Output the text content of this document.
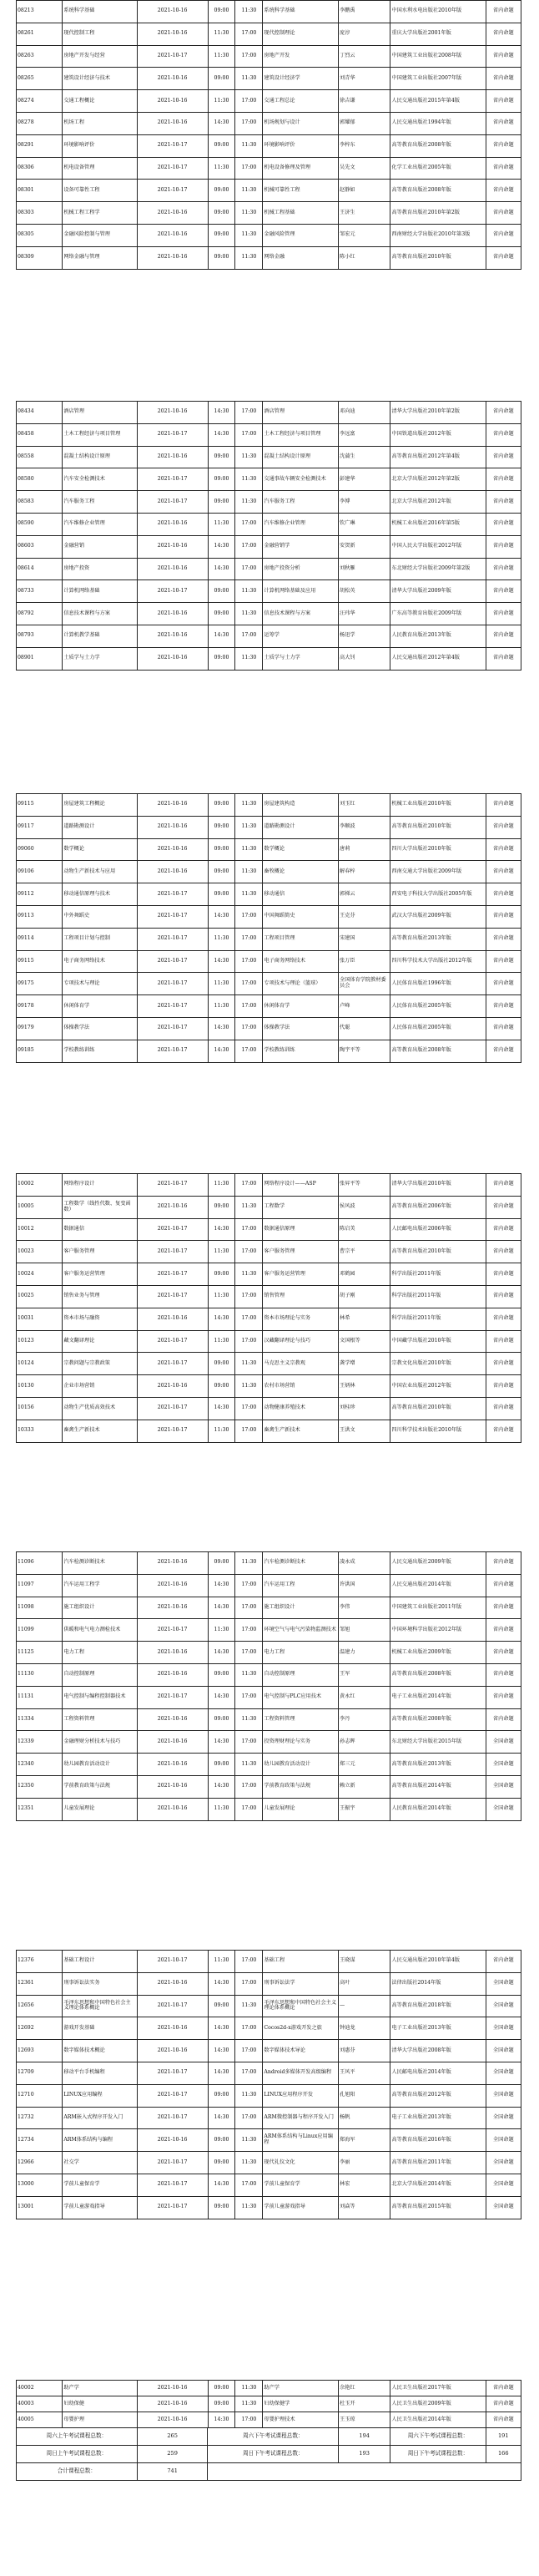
08213	系统科学基础	2021-10-16	09:00	11:30	系统科学基础	李鹏禹	中国水利水电出版社2010年版	省内命题
08261	现代控制工程	2021-10-16	11:30	17:00	现代控制理论	庞淳	重庆大学出版社2001年版	省内命题
08263	房地产开发与经营	2021-10-17	11:30	17:00	房地产开发	丁烈云	中国建筑工业出版社2008年版	省内命题
08265	建筑设计经济与技术	2021-10-16	09:00	11:30	建筑设计经济学	刘青华	中国建筑工业出版社2007年版	省内命题
08274	交通工程概论	2021-10-16	11:30	17:00	交通工程总论	徐吉谦	人民交通出版社2015年第4版	省内命题
08278	机场工程	2021-10-16	14:30	17:00	机场规划与设计	郭耀郁	人民交通出版社1994年版	省内命题
08291	环境影响评价	2021-10-17	09:00	11:30	环境影响评价	李梓东	高等教育出版社2008年版	省内命题
08306	机电设备管理	2021-10-17	11:30	17:00	机电设备修理及管理	吴先文	化学工业出版社2005年版	省内命题
08301	设备可靠性工程	2021-10-17	09:00	11:30	机械可靠性工程	赵静如	高等教育出版社2008年版	省内命题
08303	机械工程工程学	2021-10-16	09:00	11:30	机械工程基础	王济生	高等教育出版社2010年第2版	省内命题
08305	金融风险控制与管理	2021-10-16	09:00	11:30	金融风险管理	邹宏元	西南财经大学出版社2010年第3版	省内命题
08309	网络金融与管理	2021-10-16	09:00	11:30	网络金融	陈小红	高等教育出版社2010年版	省内命题
08434	酒店管理	2021-10-16	14:30	17:00	酒店管理	邓向迪	清华大学出版社2010年第2版	省内命题
08458	土木工程经济与项目管理	2021-10-17	14:30	17:00	土木工程经济与项目管理	李远富	中国铁道出版社2012年版	省内命题
08558	混凝土结构设计原理	2021-10-16	09:00	11:30	混凝土结构设计原理	沈蒲生	高等教育出版社2012年第4版	省内命题
08580	汽车安全检测技术	2021-10-17	09:00	11:30	交通事故车辆安全检测技术	彭建华	北京大学出版社2012年第2版	省内命题
08583	汽车服务工程	2021-10-17	09:00	11:30	汽车服务工程	李博	北京大学出版社2012年版	省内命题
08590	汽车维修企业管理	2021-10-16	11:30	17:00	汽车维修企业管理	钦广琳	机械工业出版社2016年第5版	省内命题
08603	金融营销	2021-10-16	14:30	17:00	金融营销学	安贺新	中国人民大学出版社2012年版	省内命题
08614	房地产投资	2021-10-16	14:30	17:00	房地产投资分析	刘秋雁	东北财经大学出版社2009年第2版	省内命题
08733	计算机网络基础	2021-10-17	09:00	11:30	计算机网络基础及应用	胡松英	清华大学出版社2009年版	省内命题
08792	信息技术课程与方案	2021-10-16	09:00	11:30	信息技术课程与方案	汪玮华	广东高等教育出版社2009年版	省内命题
08793	计算机教学基础	2021-10-16	14:30	17:00	运筹学	杨迅学	人民教育出版社2013年版	省内命题
08901	土质学与土力学	2021-10-16	09:00	11:30	土质学与土力学	高大钊	人民交通出版社2012年第4版	省内命题
09115	房屋建筑工程概论	2021-10-16	09:00	11:30	房屋建筑构造	刘玉红	机械工业出版社2010年版	省内命题
09117	道路勘测设计	2021-10-16	09:00	11:30	道路勘测设计	李顺波	高等教育出版社2010年版	省内命题
09060	数学概论	2021-10-16	09:00	11:30	数学概论	唐莉	四川大学出版社2010年版	省内命题
09106	动物生产新技术与应用	2021-10-16	09:00	11:30	畜牧概论	解春梓	西南交通大学出版社2009年版	省内命题
09112	移动通信原理与技术	2021-10-17	09:00	11:30	移动通信	郭梯云	西安电子科技大学出版社2005年版	省内命题
09113	中外舞蹈史	2021-10-17	14:30	17:00	中国舞蹈简史	王克芬	武汉大学出版社2009年版	省内命题
09114	工程项目计划与控制	2021-10-17	11:30	17:00	工程项目管理	宋建国	高等教育出版社2013年版	省内命题
09115	电子商务网络技术	2021-10-17	14:30	17:00	电子商务网络技术	张万臣	四川科学技术大学出版社2012年版	省内命题
09175	专项技术与理论	2021-10-17	11:30	17:00	专项技术与理论（篮球）	全国体育学院教材委员会	人民体育出版社1996年版	省内命题
09178	休闲体育学	2021-10-17	11:30	17:00	休闲体育学	卢峰	人民体育出版社2005年版	省内命题
09179	体操教学法	2021-10-17	14:30	17:00	体操教学法	代聪	人民体育出版社2005年版	省内命题
09185	学校教练训练	2021-10-17	14:30	17:00	学校教练训练	陶宇平等	高等教育出版社2008年版	省内命题
10002	网络程序设计	2021-10-17	11:30	17:00	网络程序设计——ASP	张昇平等	清华大学出版社2010年版	省内命题
10005	工程数学（线性代数、复变函数）	2021-10-16	09:00	11:30	工程数学	侯风波	高等教育出版社2006年版	省内命题
10012	数据通信	2021-10-17	14:30	17:00	数据通信原理	陈启美	人民邮电出版社2006年版	省内命题
10023	客户服务管理	2021-10-17	11:30	17:00	客户服务管理	曹宗平	高等教育出版社2010年版	省内命题
10024	客户服务运营管理	2021-10-17	09:00	11:30	客户服务运营管理	邓鹤园	科学出版社2011年版	省内命题
10025	销售业务与管理	2021-10-17	11:30	17:00	销售管理	胡子刚	科学出版社2011年版	省内命题
10031	资本市场与融资	2021-10-16	14:30	17:00	资本市场理论与实务	林希	科学出版社2011年版	省内命题
10123	藏文翻译理论	2021-10-17	11:30	17:00	汉藏翻译理论与技巧	文国根等	中国藏学出版社2010年版	省内命题
10124	宗教问题与宗教政策	2021-10-17	09:00	11:30	马克思主义宗教观	龚学增	宗教文化出版社2010年版	省内命题
10130	企业市场营销	2021-10-16	09:00	11:30	农村市场营销	王炳林	中国农业出版社2012年版	省内命题
10156	动物生产优质高效技术	2021-10-17	14:30	17:00	动物健康养殖技术	刘桂珍	高等教育出版社2010年版	省内命题
10333	畜禽生产新技术	2021-10-17	11:30	17:00	畜禽生产新技术	王洪文	四川科学技术出版社2010年版	省内命题
11096	汽车检测诊断技术	2021-10-16	09:00	11:30	汽车检测诊断技术	凌永成	人民交通出版社2009年版	省内命题
11097	汽车运用工程学	2021-10-16	14:30	17:00	汽车运用工程	许洪国	人民交通出版社2014年版	省内命题
11098	施工组织设计	2021-10-16	14:30	17:00	施工组织设计	李伟	中国建筑工业出版社2011年版	省内命题
11099	供暖和电气电力测检技术	2021-10-17	11:30	17:00	环境空气与电气污染物监测技术	邹旭	中国环境科学出版社2012年版	省内命题
11125	电力工程	2021-10-16	14:30	17:00	电力工程	温建力	机械工业出版社2009年版	省内命题
11130	自动控制原理	2021-10-16	09:00	11:30	自动控制原理	王军	高等教育出版社2008年版	省内命题
11131	电气控制与编程控制器技术	2021-10-17	14:30	17:00	电气控制与PLC应用技术	黄永红	电子工业出版社2014年版	省内命题
11334	工程资料管理	2021-10-16	09:00	11:30	工程资料管理	李丹	高等教育出版社2008年版	省内命题
12339	金融理财分析技术与技巧	2021-10-16	14:30	17:00	投资理财理论与实务	孙志晖	东北财经大学出版社2015年版	全国命题
12340	幼儿园教育活动设计	2021-10-16	09:00	11:30	幼儿园教育活动设计	郑三元	高等教育出版社2013年版	全国命题
12350	学前教育政策与法规	2021-10-16	14:30	17:00	学前教育政策与法规	赖立新	高等教育出版社2014年版	全国命题
12351	儿童发展理论	2021-10-16	11:30	17:00	儿童发展理论	王振宇	人民教育出版社2014年版	全国命题
12376	基础工程设计	2021-10-17	11:30	17:00	基础工程	王晓谋	人民交通出版社2010年第4版	省内命题
12361	刑事诉讼法实务	2021-10-16	14:30	17:00	刑事诉讼法学	高叶	法律出版社2014年版	全国命题
12656	毛泽东思想和中国特色社会主义理论体系概论	2021-10-17	09:00	11:30	毛泽东思想和中国特色社会主义理论体系概论	—	高等教育出版社2018年版	全国命题
12692	游戏开发基础	2021-10-16	14:30	17:00	Cocos2d-x游戏开发之旅	钟迪龙	电子工业出版社2013年版	全国命题
12693	数字媒体技术概论	2021-10-16	14:30	17:00	数字媒体技术导论	刘惠芬	清华大学出版社2008年版	全国命题
12709	移动平台手机编程	2021-10-17	14:30	17:00	Android多媒体开发高级编程	王风平	人民邮电出版社2014年版	全国命题
12710	LINUX应用编程	2021-10-17	09:00	11:30	LINUX应用程序开发	孔旭阳	高等教育出版社2012年版	全国命题
12732	ARM嵌入式程序开发入门	2021-10-17	14:30	17:00	ARM微控制器与程序开发入门	杨帆	电子工业出版社2013年版	全国命题
12734	ARM体系结构与编程	2021-10-16	09:00	11:30	ARM体系结构与Linux应用编程	郑海军	高等教育出版社2016年版	全国命题
12966	社交学	2021-10-17	09:00	11:30	现代礼仪文化	李丽	高等教育出版社2011年版	全国命题
13000	学前儿童保育学	2021-10-17	14:30	17:00	学前儿童保育学	林宏	北京大学出版社2014年版	全国命题
13001	学前儿童游戏指导	2021-10-17	09:00	11:30	学前儿童游戏指导	刘焱等	高等教育出版社2015年版	全国命题
40002	助产学	2021-10-16	09:00	11:30	助产学	余艳红	人民卫生出版社2017年版	省内命题
40003	妇幼保健	2021-10-16	09:00	11:30	妇幼保健学	杜玉开	人民卫生出版社2009年版	省内命题
40005	母婴护理	2021-10-16	14:30	17:00	母婴护理技术	王玉琼	人民卫生出版社2014年版	省内命题
周六上午考试课程总数：	265	周六下午考试课程总数：	194	周六下午考试课程总数：	191
周日上午考试课程总数：	259	周日下午考试课程总数：	193	周日下午考试课程总数：	166
合计课程总数：	741				
